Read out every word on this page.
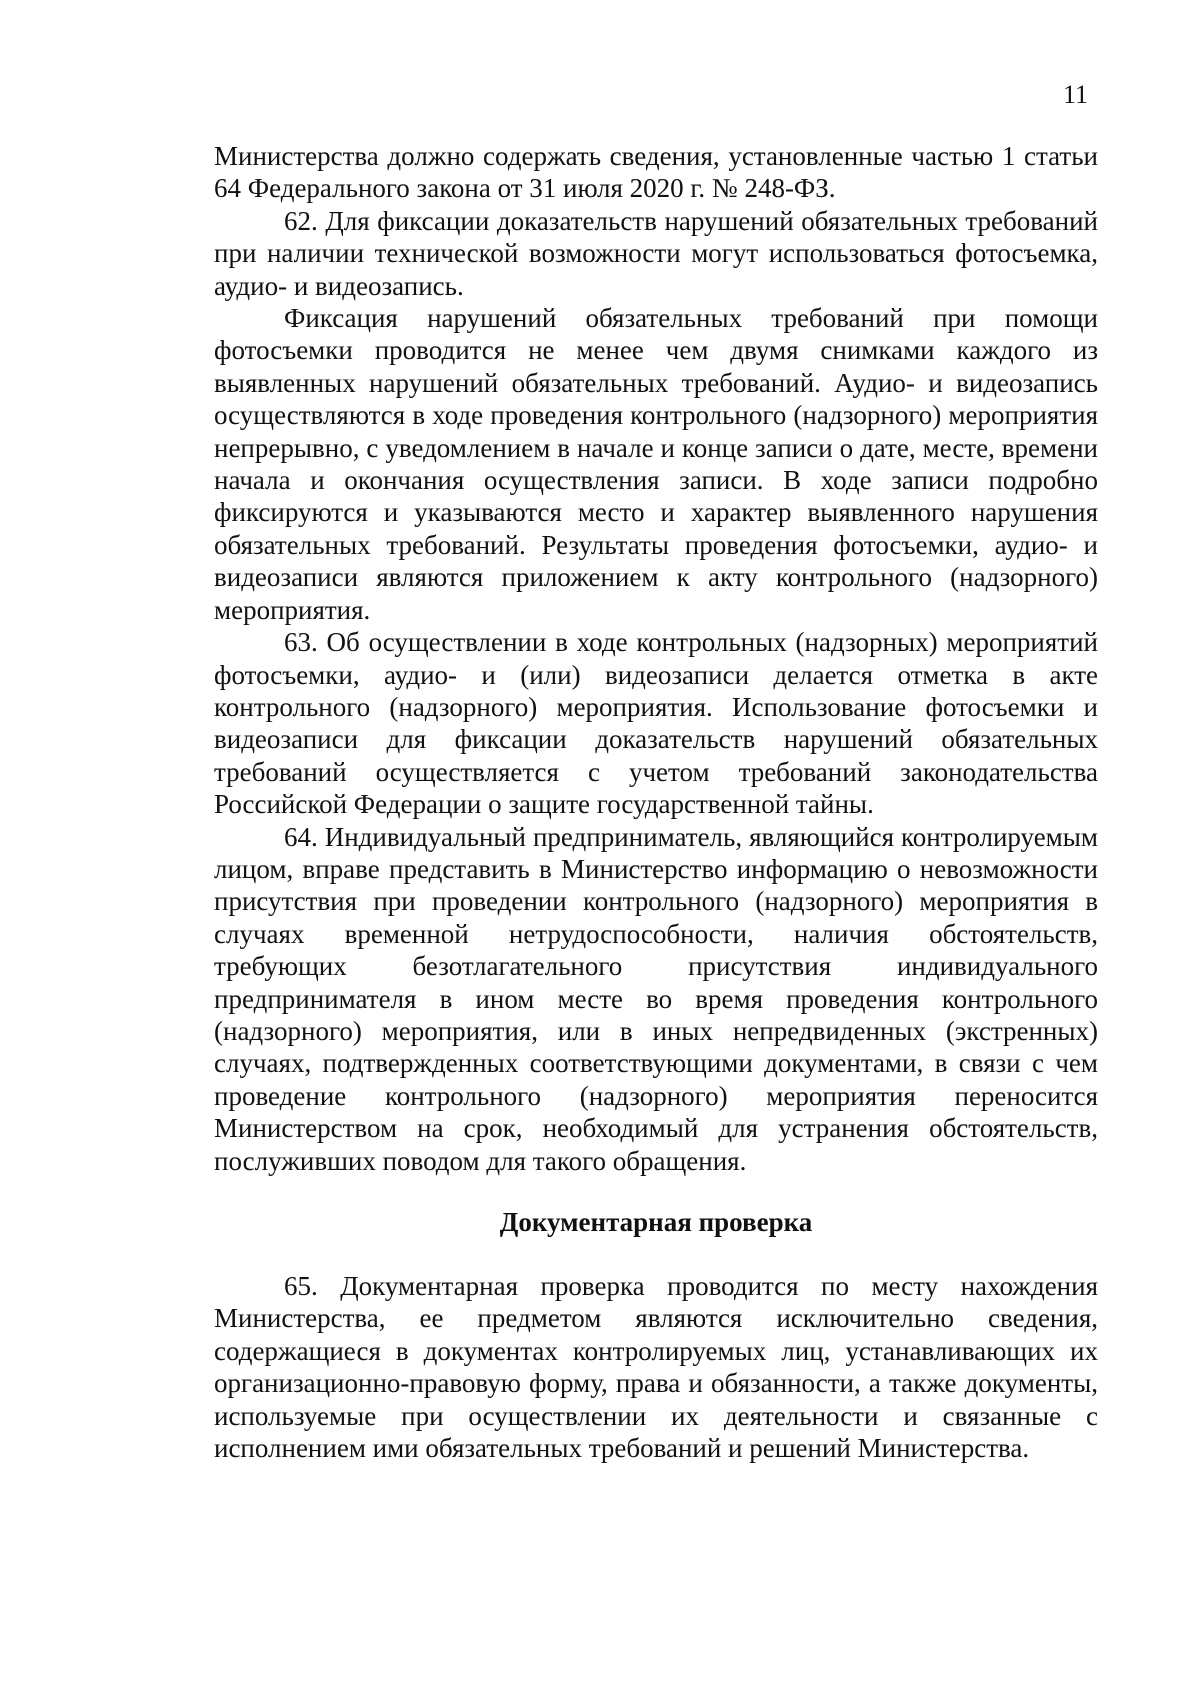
11

Министерства должно содержать сведения, установленные частью 1 статьи 64 Федерального закона от 31 июля 2020 г. № 248-ФЗ.

62. Для фиксации доказательств нарушений обязательных требований при наличии технической возможности могут использоваться фотосъемка, аудио- и видеозапись.

Фиксация нарушений обязательных требований при помощи фотосъемки проводится не менее чем двумя снимками каждого из выявленных нарушений обязательных требований. Аудио- и видеозапись осуществляются в ходе проведения контрольного (надзорного) мероприятия непрерывно, с уведомлением в начале и конце записи о дате, месте, времени начала и окончания осуществления записи. В ходе записи подробно фиксируются и указываются место и характер выявленного нарушения обязательных требований. Результаты проведения фотосъемки, аудио- и видеозаписи являются приложением к акту контрольного (надзорного) мероприятия.

63. Об осуществлении в ходе контрольных (надзорных) мероприятий фотосъемки, аудио- и (или) видеозаписи делается отметка в акте контрольного (надзорного) мероприятия. Использование фотосъемки и видеозаписи для фиксации доказательств нарушений обязательных требований осуществляется с учетом требований законодательства Российской Федерации о защите государственной тайны.

64. Индивидуальный предприниматель, являющийся контролируемым лицом, вправе представить в Министерство информацию о невозможности присутствия при проведении контрольного (надзорного) мероприятия в случаях временной нетрудоспособности, наличия обстоятельств, требующих безотлагательного присутствия индивидуального предпринимателя в ином месте во время проведения контрольного (надзорного) мероприятия, или в иных непредвиденных (экстренных) случаях, подтвержденных соответствующими документами, в связи с чем проведение контрольного (надзорного) мероприятия переносится Министерством на срок, необходимый для устранения обстоятельств, послуживших поводом для такого обращения.

Документарная проверка

65. Документарная проверка проводится по месту нахождения Министерства, ее предметом являются исключительно сведения, содержащиеся в документах контролируемых лиц, устанавливающих их организационно-правовую форму, права и обязанности, а также документы, используемые при осуществлении их деятельности и связанные с исполнением ими обязательных требований и решений Министерства.
